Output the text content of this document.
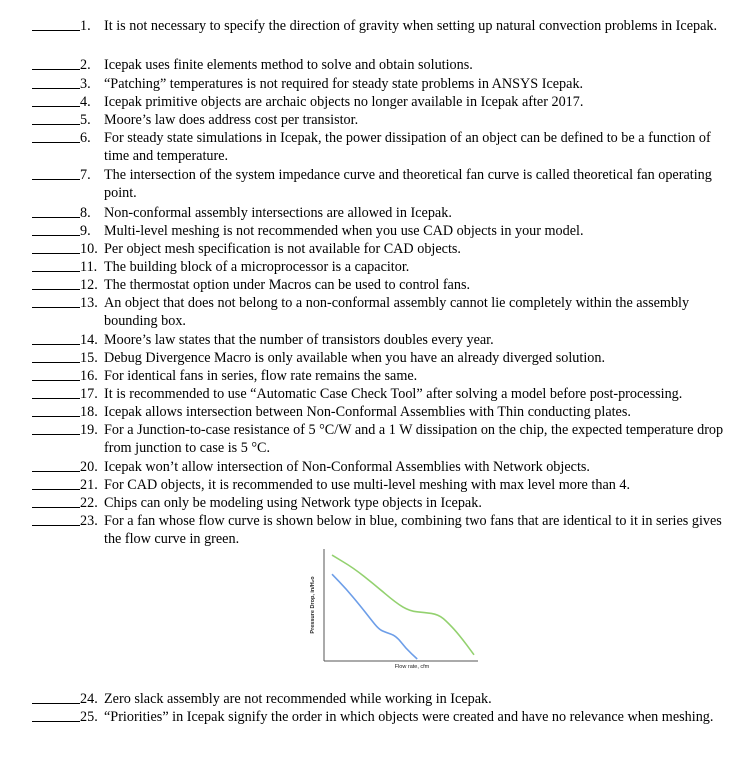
1. It is not necessary to specify the direction of gravity when setting up natural convection problems in Icepak.
2. Icepak uses finite elements method to solve and obtain solutions.
3. “Patching” temperatures is not required for steady state problems in ANSYS Icepak.
4. Icepak primitive objects are archaic objects no longer available in Icepak after 2017.
5. Moore’s law does address cost per transistor.
6. For steady state simulations in Icepak, the power dissipation of an object can be defined to be a function of time and temperature.
7. The intersection of the system impedance curve and theoretical fan curve is called theoretical fan operating point.
8. Non-conformal assembly intersections are allowed in Icepak.
9. Multi-level meshing is not recommended when you use CAD objects in your model.
10. Per object mesh specification is not available for CAD objects.
11. The building block of a microprocessor is a capacitor.
12. The thermostat option under Macros can be used to control fans.
13. An object that does not belong to a non-conformal assembly cannot lie completely within the assembly bounding box.
14. Moore’s law states that the number of transistors doubles every year.
15. Debug Divergence Macro is only available when you have an already diverged solution.
16. For identical fans in series, flow rate remains the same.
17. It is recommended to use “Automatic Case Check Tool” after solving a model before post-processing.
18. Icepak allows intersection between Non-Conformal Assemblies with Thin conducting plates.
19. For a Junction-to-case resistance of 5 °C/W and a 1 W dissipation on the chip, the expected temperature drop from junction to case is 5 °C.
20. Icepak won’t allow intersection of Non-Conformal Assemblies with Network objects.
21. For CAD objects, it is recommended to use multi-level meshing with max level more than 4.
22. Chips can only be modeling using Network type objects in Icepak.
23. For a fan whose flow curve is shown below in blue, combining two fans that are identical to it in series gives the flow curve in green.
24. Zero slack assembly are not recommended while working in Icepak.
25. “Priorities” in Icepak signify the order in which objects were created and have no relevance when meshing.
Pressure Drop, in/H₂o
Flow rate, cfm
